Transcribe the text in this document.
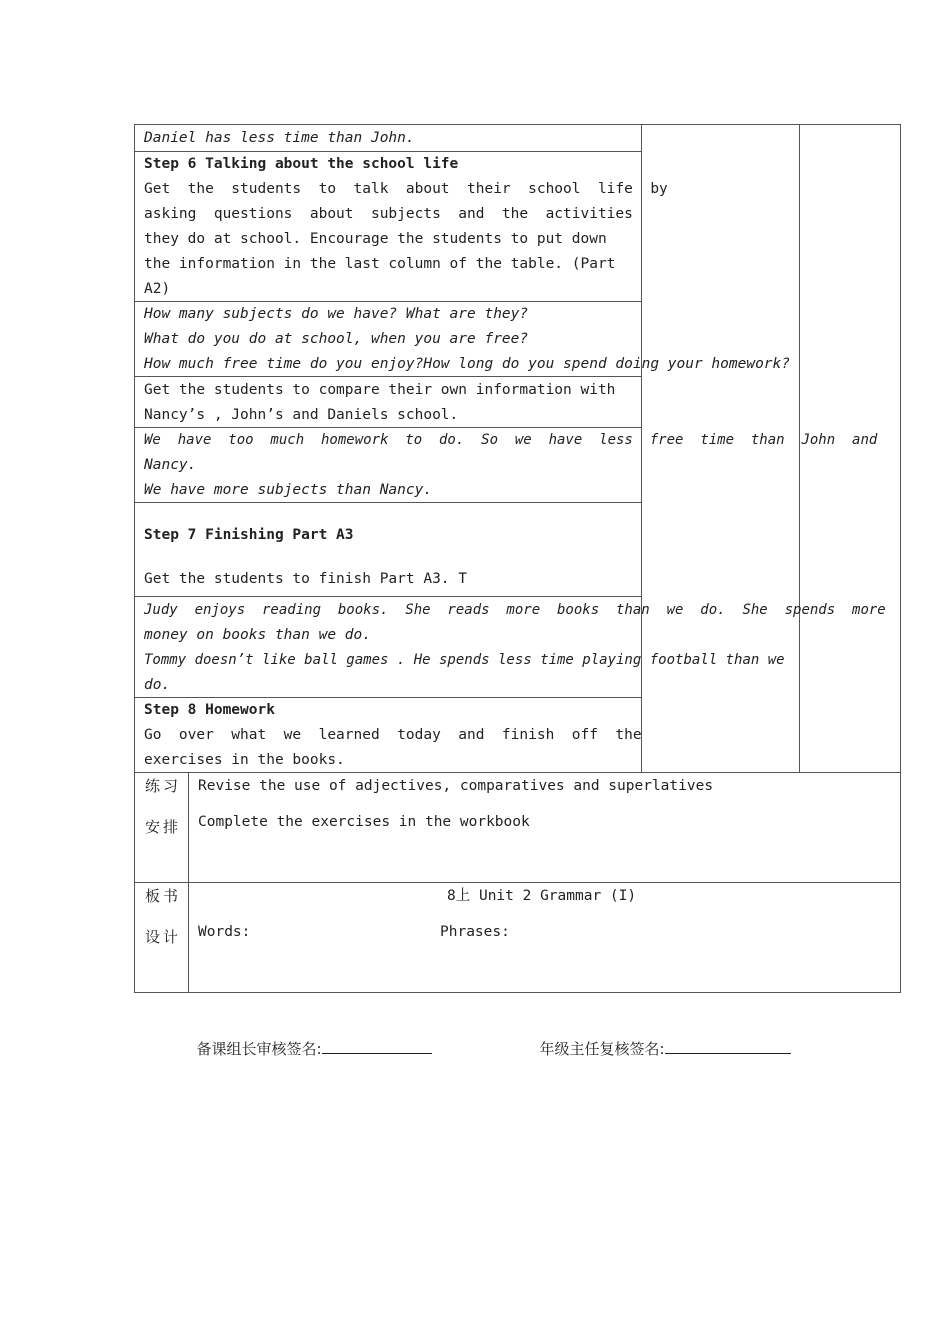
Daniel has less time than John.
Step 6 Talking about the school life
Get  the  students  to  talk  about  their  school  life  by
asking  questions  about  subjects  and  the  activities
they do at school. Encourage the students to put down
the information in the last column of the table. (Part
A2)
How many subjects do we have? What are they?
What do you do at school, when you are free?
How much free time do you enjoy?How long do you spend doing your homework?
Get the students to compare their own information with
Nancy’s , John’s and Daniels school.
We  have  too  much  homework  to  do.  So  we  have  less  free  time  than  John  and
Nancy.
We have more subjects than Nancy.
Step 7 Finishing Part A3
Get the students to finish Part A3. T
Judy  enjoys  reading  books.  She  reads  more  books  than  we  do.  She  spends  more
money on books than we do.
Tommy doesn’t like ball games . He spends less time playing football than we
do.
Step 8 Homework
Go  over  what  we  learned  today  and  finish  off  the
exercises in the books.
练习
安排
Revise the use of adjectives, comparatives and superlatives
Complete the exercises in the workbook
板书
设计
8上 Unit 2 Grammar (I)
Words:	Phrases:

备课组长审核签名:	年级主任复核签名:
